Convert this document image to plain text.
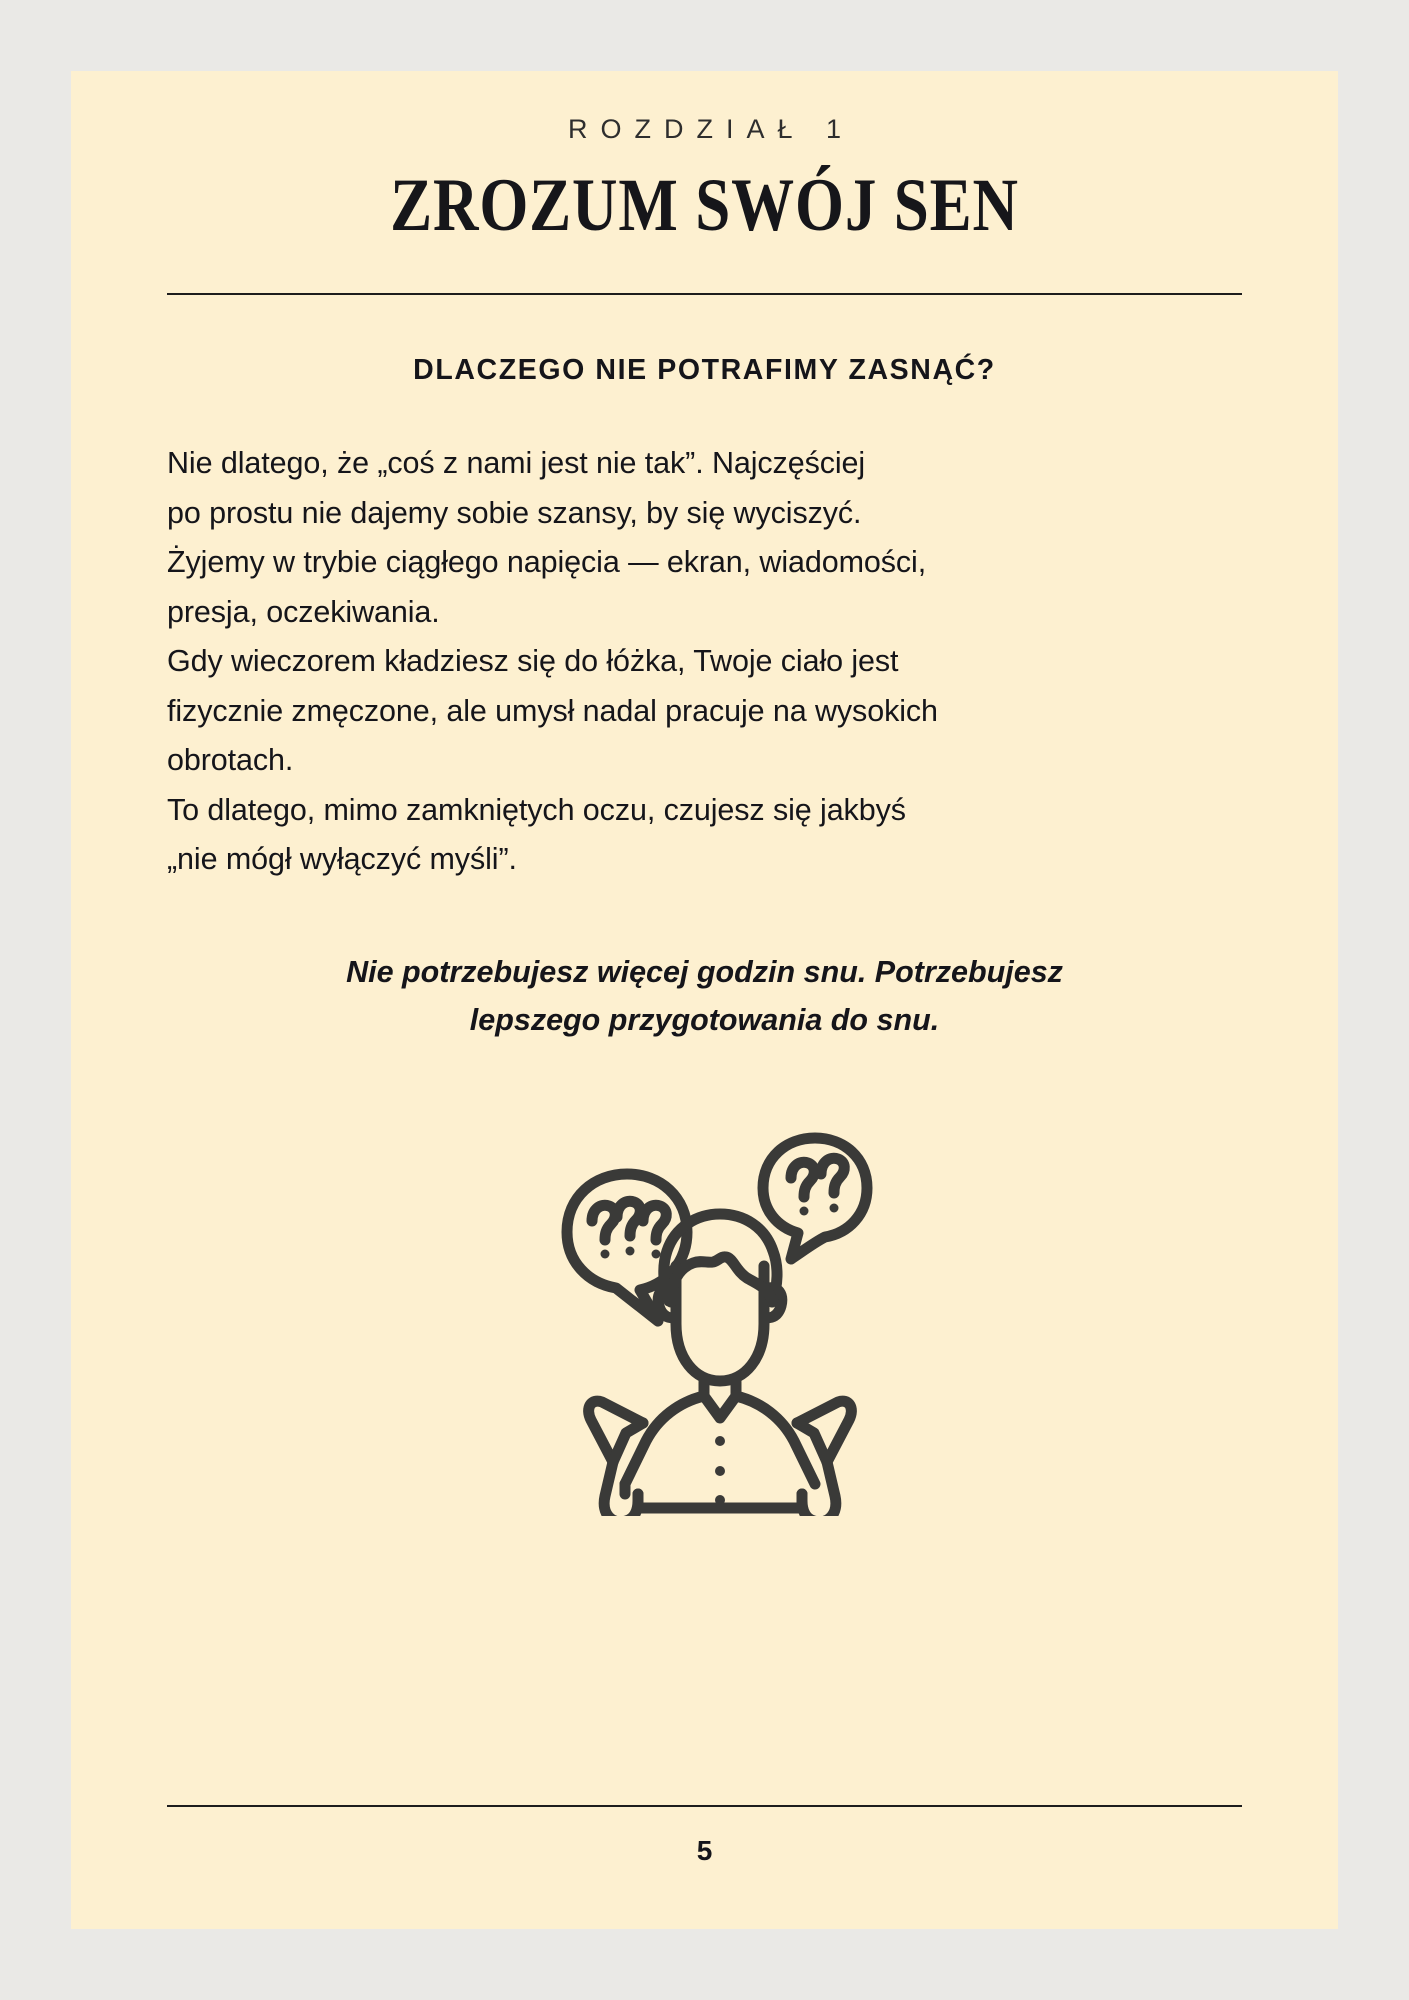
ROZDZIAŁ 1

ZROZUM SWÓJ SEN
DLACZEGO NIE POTRAFIMY ZASNĄĆ?
Nie dlatego, że „coś z nami jest nie tak”. Najczęściej
po prostu nie dajemy sobie szansy, by się wyciszyć.
Żyjemy w trybie ciągłego napięcia — ekran, wiadomości,
presja, oczekiwania.
Gdy wieczorem kładziesz się do łóżka, Twoje ciało jest
fizycznie zmęczone, ale umysł nadal pracuje na wysokich
obrotach.
To dlatego, mimo zamkniętych oczu, czujesz się jakbyś
„nie mógł wyłączyć myśli”.
Nie potrzebujesz więcej godzin snu. Potrzebujesz
lepszego przygotowania do snu.

5
